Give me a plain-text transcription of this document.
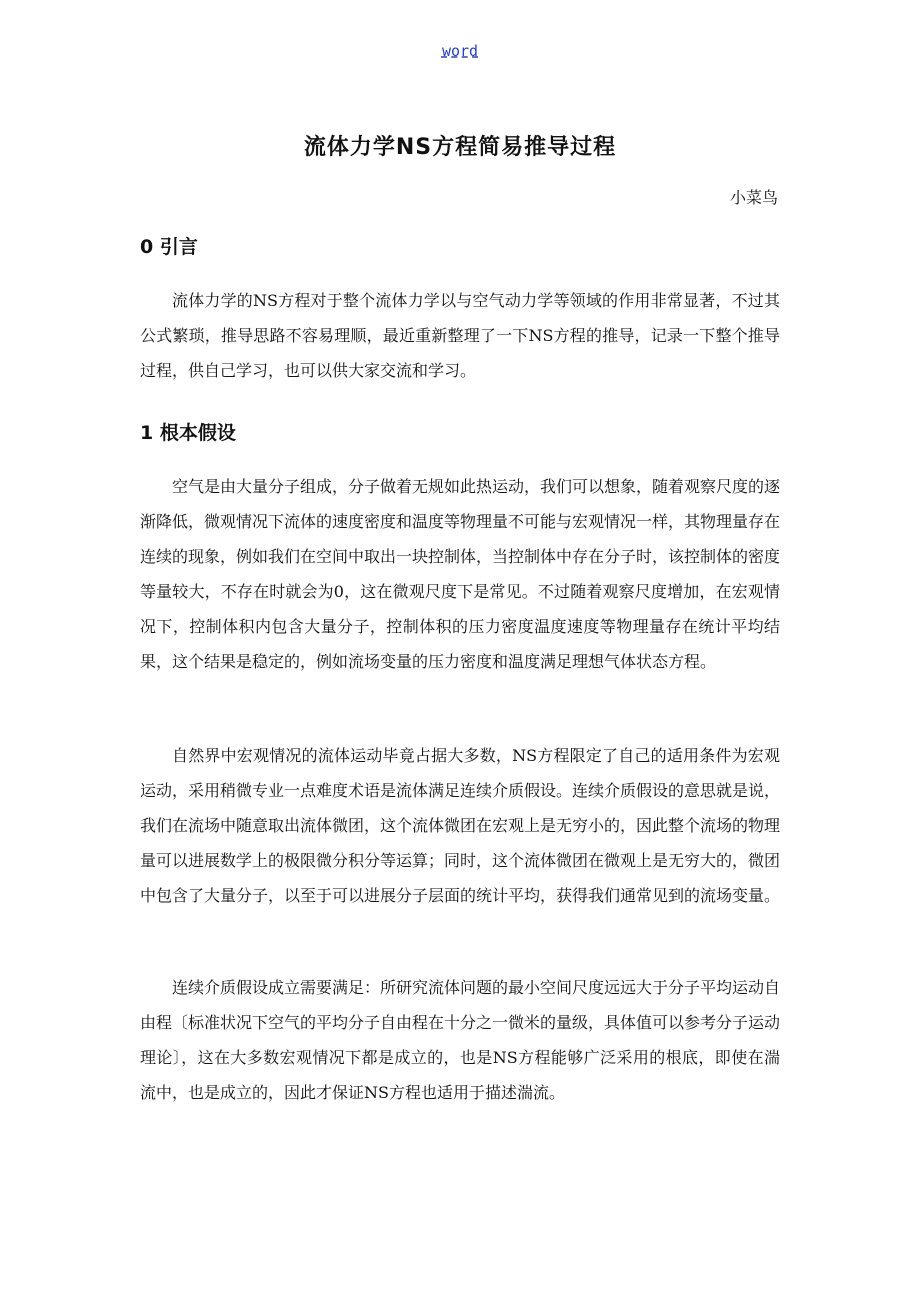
word
流体力学NS方程简易推导过程
小菜鸟
0 引言

流体力学的NS方程对于整个流体力学以与空气动力学等领域的作用非常显著，不过其公式繁琐，推导思路不容易理顺，最近重新整理了一下NS方程的推导，记录一下整个推导过程，供自己学习，也可以供大家交流和学习。

1 根本假设

空气是由大量分子组成，分子做着无规如此热运动，我们可以想象，随着观察尺度的逐渐降低，微观情况下流体的速度密度和温度等物理量不可能与宏观情况一样，其物理量存在连续的现象，例如我们在空间中取出一块控制体，当控制体中存在分子时，该控制体的密度等量较大，不存在时就会为0，这在微观尺度下是常见。不过随着观察尺度增加，在宏观情况下，控制体积内包含大量分子，控制体积的压力密度温度速度等物理量存在统计平均结果，这个结果是稳定的，例如流场变量的压力密度和温度满足理想气体状态方程。

自然界中宏观情况的流体运动毕竟占据大多数，NS方程限定了自己的适用条件为宏观运动，采用稍微专业一点难度术语是流体满足连续介质假设。连续介质假设的意思就是说，我们在流场中随意取出流体微团，这个流体微团在宏观上是无穷小的，因此整个流场的物理量可以进展数学上的极限微分积分等运算；同时，这个流体微团在微观上是无穷大的，微团中包含了大量分子，以至于可以进展分子层面的统计平均，获得我们通常见到的流场变量。

连续介质假设成立需要满足：所研究流体问题的最小空间尺度远远大于分子平均运动自由程〔标准状况下空气的平均分子自由程在十分之一微米的量级，具体值可以参考分子运动理论〕，这在大多数宏观情况下都是成立的，也是NS方程能够广泛采用的根底，即使在湍流中，也是成立的，因此才保证NS方程也适用于描述湍流。
